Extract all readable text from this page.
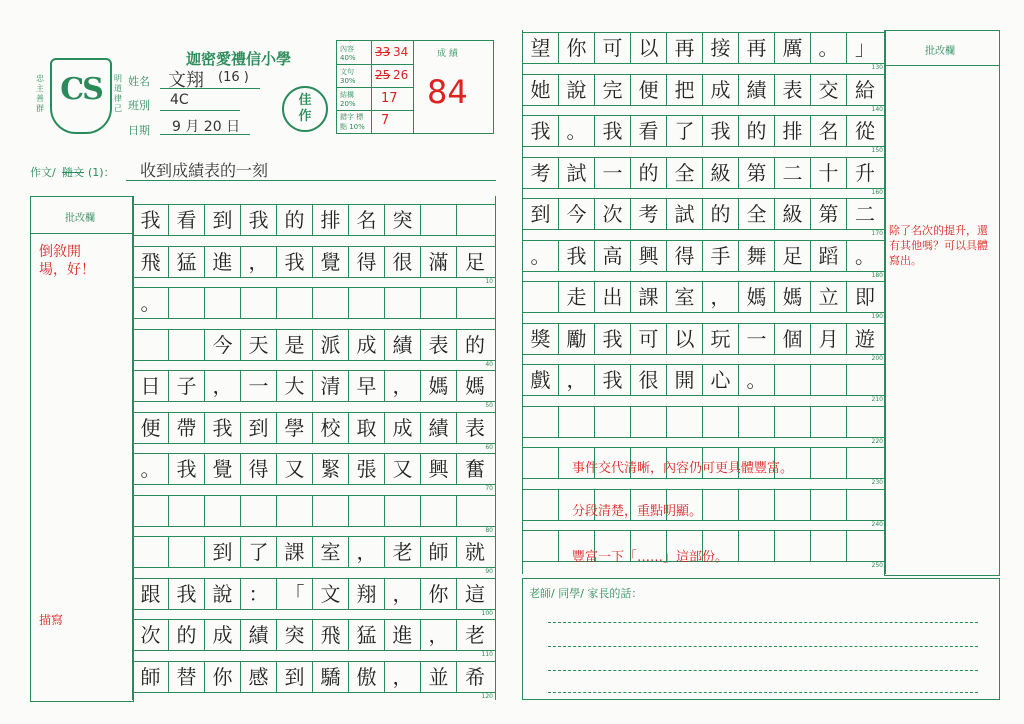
CS
忠主善群
明道律己
迦密愛禮信小學
姓名 文翔 (16 )
班別 4C
日期 9 月 20 日
佳作
內容 40%
文句 30%
結構 20%
錯字 標點 10%
33 34
25 26
17
7
成 績
84
作文/ 隨文 (1)： 收到成績表的一刻
批改欄
倒敘開場，好！
描寫
我 看 到 我 的 排 名 突
飛 猛 進 ， 我 覺 得 很 滿 足
10
。
今 天 是 派 成 績 表 的
40
日 子 ， 一 大 清 早 ， 媽 媽
50
便 帶 我 到 學 校 取 成 績 表
60
。 我 覺 得 又 緊 張 又 興 奮
70
80
到 了 課 室 ， 老 師 就
90
跟 我 說 ： 「 文 翔 ， 你 這
100
次 的 成 績 突 飛 猛 進 ， 老
110
師 替 你 感 到 驕 傲 ， 並 希
120
望 你 可 以 再 接 再 厲 。 」
130
她 說 完 便 把 成 績 表 交 給
140
我 。 我 看 了 我 的 排 名 從
150
考 試 一 的 全 級 第 二 十 升
160
到 今 次 考 試 的 全 級 第 二
170
。 我 高 興 得 手 舞 足 蹈 。
180
走 出 課 室 ， 媽 媽 立 即
190
獎 勵 我 可 以 玩 一 個 月 遊
200
戲 ， 我 很 開 心 。
210
220
230
240
250
批改欄
除了名次的提升，還有其他嗎？可以具體寫出。
事件交代清晰，內容仍可更具體豐富。
分段清楚，重點明顯。
豐富一下「……」這部份。
老師/ 同學/ 家長的話：
